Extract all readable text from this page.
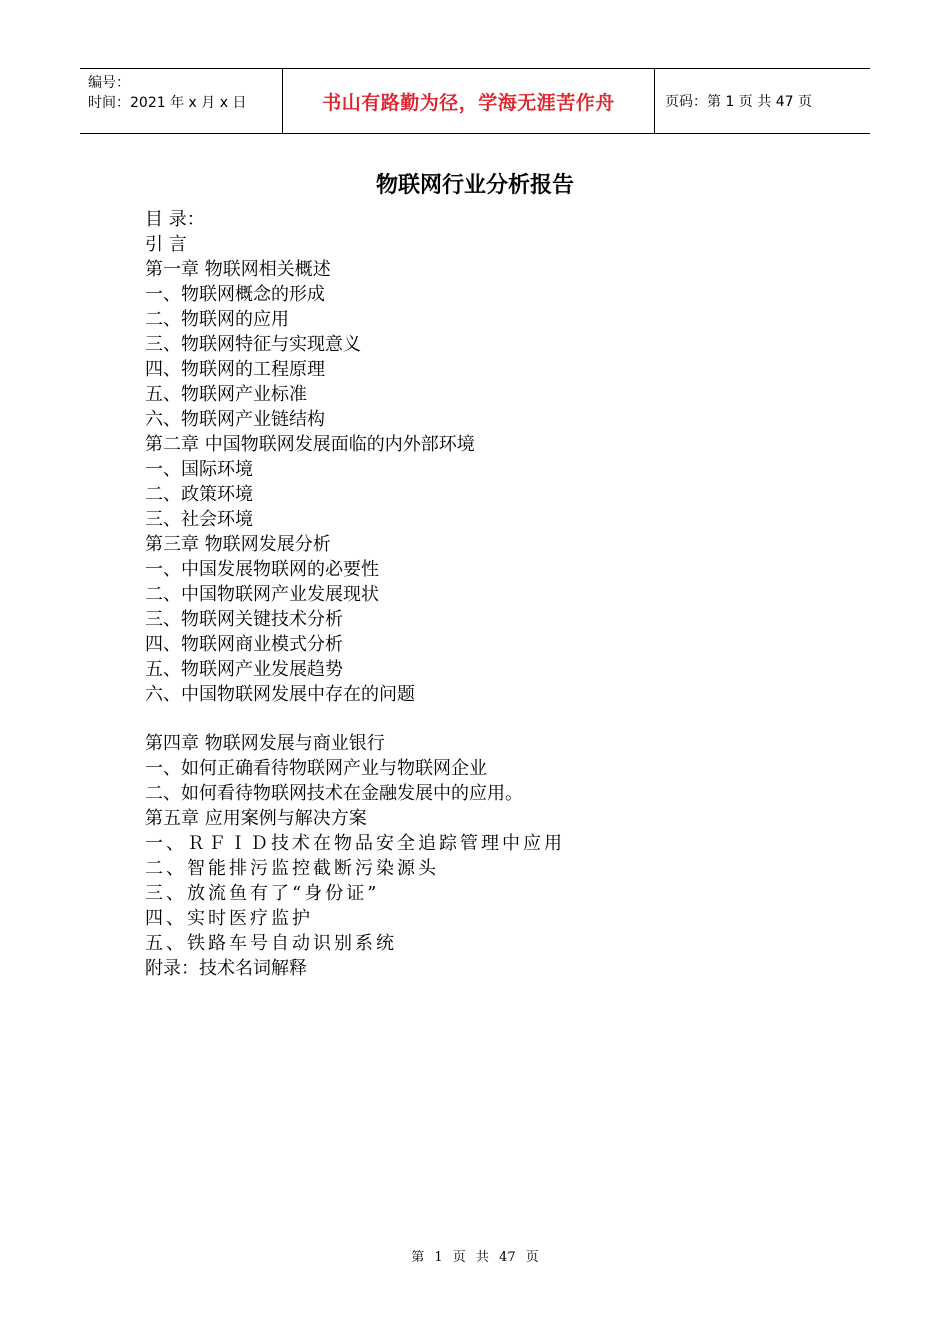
编号：
时间：2021 年 x 月 x 日	书山有路勤为径，学海无涯苦作舟	页码：第 1 页 共 47 页
物联网行业分析报告
目 录：
引 言
第一章 物联网相关概述
一、物联网概念的形成
二、物联网的应用
三、物联网特征与实现意义
四、物联网的工程原理
五、物联网产业标准
六、物联网产业链结构
第二章 中国物联网发展面临的内外部环境
一、国际环境
二、政策环境
三、社会环境
第三章 物联网发展分析
一、中国发展物联网的必要性
二、中国物联网产业发展现状
三、物联网关键技术分析
四、物联网商业模式分析
五、物联网产业发展趋势
六、中国物联网发展中存在的问题
第四章 物联网发展与商业银行
一、如何正确看待物联网产业与物联网企业
二、如何看待物联网技术在金融发展中的应用。
第五章 应用案例与解决方案
一、ＲＦＩＤ技术在物品安全追踪管理中应用
二、智能排污监控截断污染源头
三、放流鱼有了“身份证”
四、实时医疗监护
五、铁路车号自动识别系统
附录：技术名词解释
第 1 页 共 47 页
